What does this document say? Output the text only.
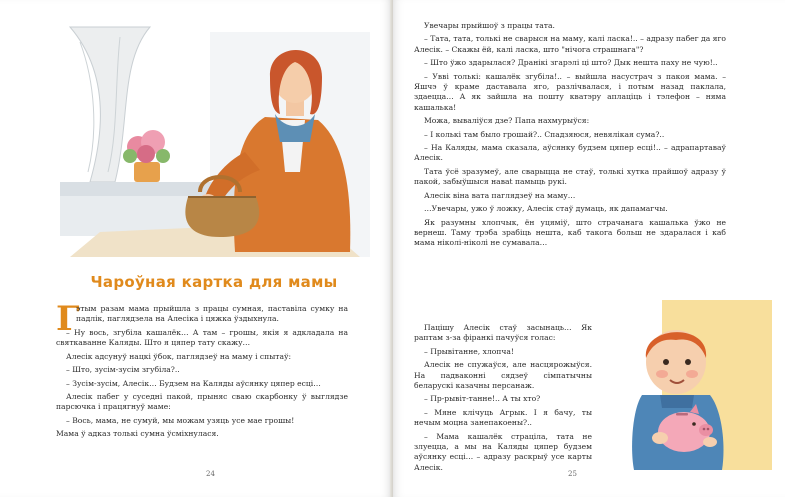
Чароўная картка для мамы
Г

этым разам мама прыйшла з працы сумная, паставіла сумку на падлік, паглядзела на Алесіка і цяжка ўздыхнула.

– Ну вось, згубіла кашалёк… А там – грошы, якія я адкладала на святкаванне Каляды. Што я цяпер тату скажу…

Алесік адсунуў нацкі ўбок, паглядзеў на маму і спытаў:

– Што, зусім-зусім згубіла?..

– Зусім-зусім, Алесік… Будзем на Каляды аўсянку цяпер есці…

Алесік пабег у суседні пакой, прыняс сваю скарбонку ў выглядзе парсючка і працягнуў маме:

– Вось, мама, не сумуй, мы можам узяць усе мае грошы!

Мама ў адказ толькі сумна ўсміхнулася.

24

Увечары прыйшоў з працы тата.

– Тата, тата, толькі не сварыся на маму, калі ласка!.. – адразу пабег да яго Алесік. – Скажы ёй, калі ласка, што "нічога страшнага"?

– Што ўжо здарылася? Дранікі згарэлі ці што? Дык нешта паху не чую!..

– Увві толькі: кашалёк згубіла!.. – выйшла насустрач з пакоя мама. – Яшчэ ў краме даставала яго, разлічвалася, і потым назад паклала, здаецца… А як зайшла на пошту кватэру аплаціць і тэлефон – няма кашалька!

Можа, вываліўся дзе? Папа нахмурыўся:

– І колькі там было грошай?.. Спадзяюся, невялікая сума?..

– На Каляды, мама сказала, аўсянку будзем цяпер есці!.. – адрапартаваў Алесік.

Тата ўсё зразумеў, але сварыцца не стаў, толькі хутка прайшоў адразу ў пакой, забыўшыся навat памыць рукі.

Алесік віна вата паглядзеў на маму…

…Увечары, ужо ў ложку, Алесік стаў думаць, як дапамагчы.

Як разумны хлопчык, ён уцяміў, што страчанага кашалька ўжо не вернеш. Таму трэба зрабіць нешта, каб такога больш не здаралася і каб мама ніколі-ніколі не сумавала…

Пацішу Алесік стаў засынаць… Як раптам з-за фіранкі пачуўся голас:

– Прывітанне, хлопча!

Алесік не спужаўся, але насцярожыўся. На падваконні сядзеў сімпатычны беларускі казачны персанаж.

– Пр-рывіт-танне!.. А ты хто?

– Мяне клічуць Агрык. І я бачу, ты нечым моцна занепакоены?..

– Мама кашалёк страціла, тата не злуецца, а мы на Каляды цяпер будзем аўсянку есці… – адразу раскрыў усе карты Алесік.

25
